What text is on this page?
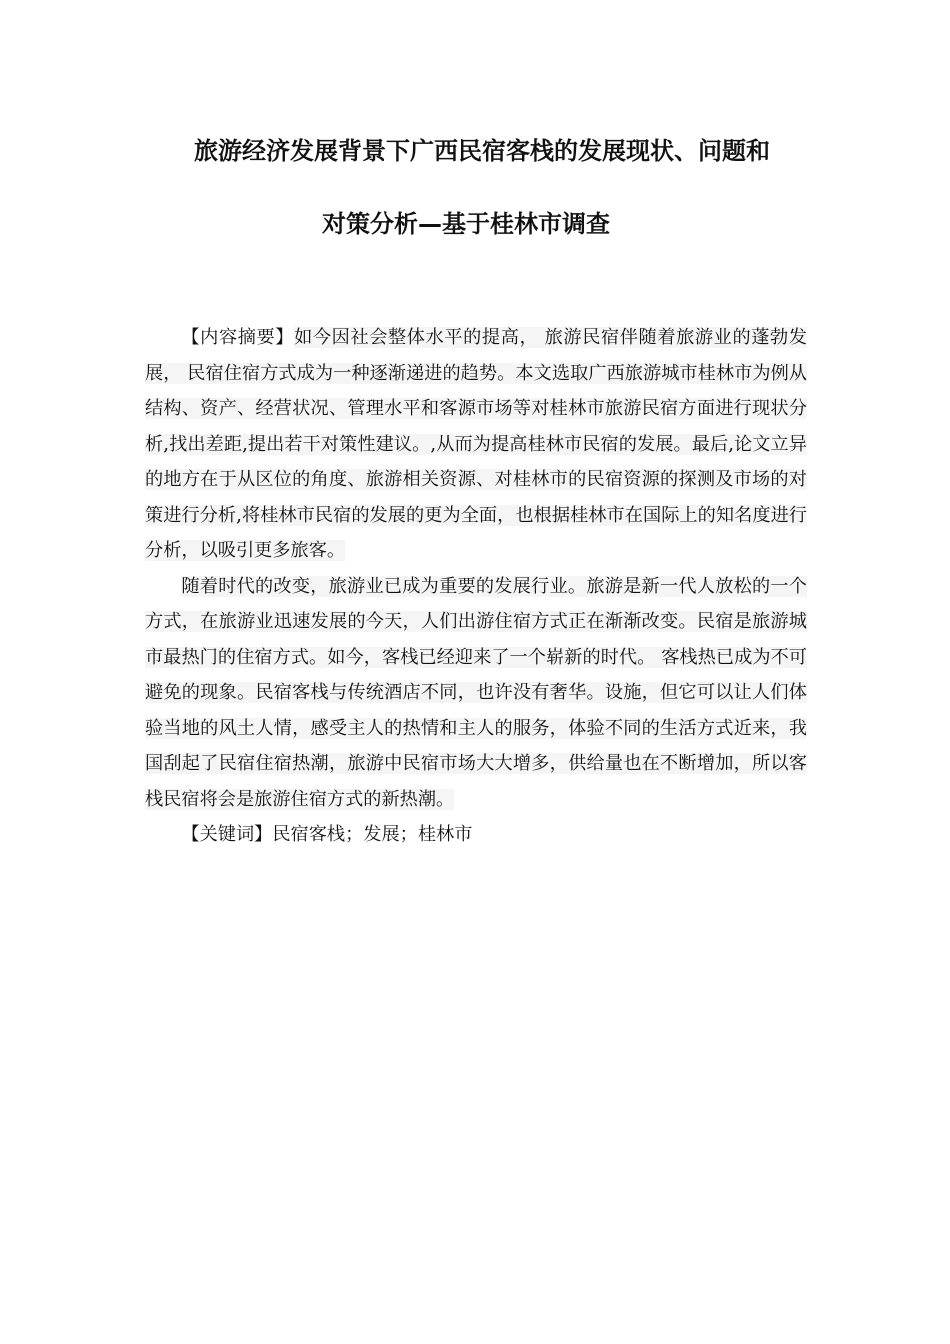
旅游经济发展背景下广西民宿客栈的发展现状、问题和
对策分析—基于桂林市调查

【内容摘要】如今因社会整体水平的提高， 旅游民宿伴随着旅游业的蓬勃发展， 民宿住宿方式成为一种逐渐递进的趋势。本文选取广西旅游城市桂林市为例从结构、资产、经营状况、管理水平和客源市场等对桂林市旅游民宿方面进行现状分析,找出差距,提出若干对策性建议。,从而为提高桂林市民宿的发展。最后,论文立异的地方在于从区位的角度、旅游相关资源、对桂林市的民宿资源的探测及市场的对策进行分析,将桂林市民宿的发展的更为全面，也根据桂林市在国际上的知名度进行分析，以吸引更多旅客。

随着时代的改变，旅游业已成为重要的发展行业。旅游是新一代人放松的一个方式，在旅游业迅速发展的今天，人们出游住宿方式正在渐渐改变。民宿是旅游城市最热门的住宿方式。如今，客栈已经迎来了一个崭新的时代。 客栈热已成为不可避免的现象。民宿客栈与传统酒店不同，也许没有奢华。设施，但它可以让人们体验当地的风土人情，感受主人的热情和主人的服务，体验不同的生活方式近来，我国刮起了民宿住宿热潮，旅游中民宿市场大大增多，供给量也在不断增加，所以客栈民宿将会是旅游住宿方式的新热潮。

【关键词】民宿客栈；发展；桂林市
